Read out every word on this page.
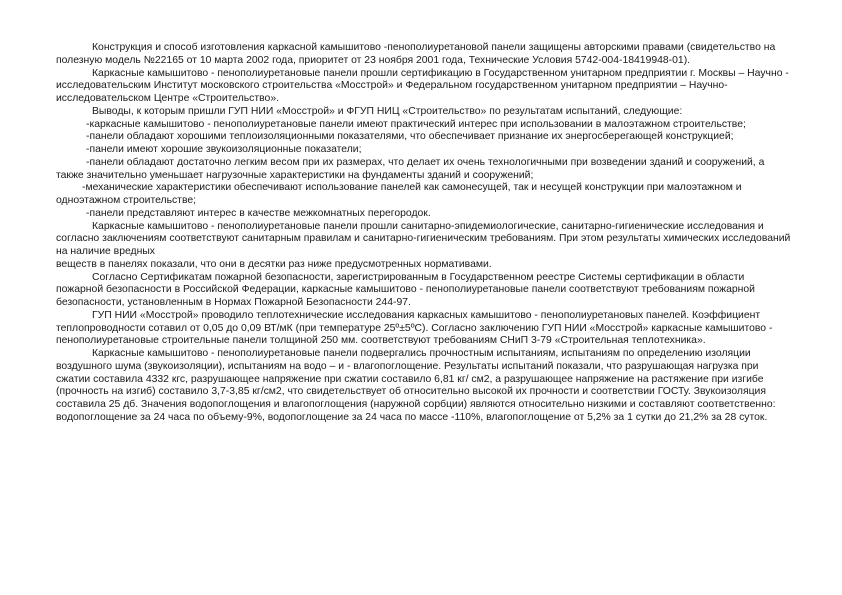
Конструкция и способ изготовления каркасной камышитово -пенополиуретановой панели защищены авторскими правами (свидетельство на полезную модель №22165 от 10 марта 2002 года, приоритет от 23 ноября 2001 года, Технические Условия 5742-004-18419948-01).

Каркасные камышитово - пенополиуретановые панели прошли сертификацию в Государственном унитарном предприятии г. Москвы – Научно - исследовательским Институт московского строительства «Мосстрой» и Федеральном государственном унитарном предприятии – Научно-исследовательском Центре «Строительство».

Выводы, к которым пришли ГУП НИИ «Мосстрой» и ФГУП НИЦ «Строительство» по результатам испытаний, следующие:

-каркасные камышитово - пенополиуретановые панели имеют практический интерес при использовании в малоэтажном строительстве;

-панели обладают хорошими теплоизоляционными показателями, что обеспечивает признание их энергосберегающей конструкцией;

-панели имеют хорошие звукоизоляционные показатели;

-панели обладают достаточно легким весом при их размерах, что делает их очень технологичными при возведении зданий и сооружений, а также значительно уменьшает нагрузочные характеристики на фундаменты зданий и сооружений;

-механические характеристики обеспечивают использование панелей как самонесущей, так и несущей конструкции при малоэтажном и одноэтажном строительстве;

-панели представляют интерес в качестве межкомнатных перегородок.

Каркасные камышитово - пенополиуретановые панели прошли санитарно-эпидемиологические, санитарно-гигиенические исследования и согласно заключениям соответствуют санитарным правилам и санитарно-гигиеническим требованиям. При этом результаты химических исследований на наличие вредных

веществ в панелях показали, что они в десятки раз ниже предусмотренных нормативами.

Согласно Сертификатам пожарной безопасности, зарегистрированным в Государственном реестре Системы сертификации в области пожарной безопасности в Российской Федерации, каркасные камышитово - пенополиуретановые панели соответствуют требованиям пожарной безопасности, установленным в Нормах Пожарной Безопасности 244-97.

ГУП НИИ «Мосстрой» проводило теплотехнические исследования каркасных камышитово - пенополиуретановых панелей. Коэффициент теплопроводности сотавил от 0,05 до 0,09 ВТ/мК (при температуре 25º±5ºС). Согласно заключению ГУП НИИ «Мосстрой» каркасные камышитово - пенополиуретановые строительные панели толщиной 250 мм. соответствуют требованиям СНиП 3-79 «Строительная теплотехника».

Каркасные камышитово - пенополиуретановые панели подвергались прочностным испытаниям, испытаниям по определению изоляции воздушного шума (звукоизоляции), испытаниям на водо – и - влагопоглощение. Результаты испытаний показали, что разрушающая нагрузка при сжатии составила 4332 кгс, разрушающее напряжение при сжатии составило 6,81 кг/ см2, а разрушающее напряжение на растяжение при изгибе (прочность на изгиб) составило 3,7-3,85 кг/см2, что свидетельствует об относительно высокой их прочности и соответствии ГОСТу. Звукоизоляция составила 25 дб. Значения водопоглощения и влагопоглощения (наружной сорбции) являются относительно низкими и составляют соответственно: водопоглощение за 24 часа по объему-9%, водопоглощение за 24 часа по массе -110%, влагопоглощение от 5,2% за 1 сутки до 21,2% за 28 суток.
